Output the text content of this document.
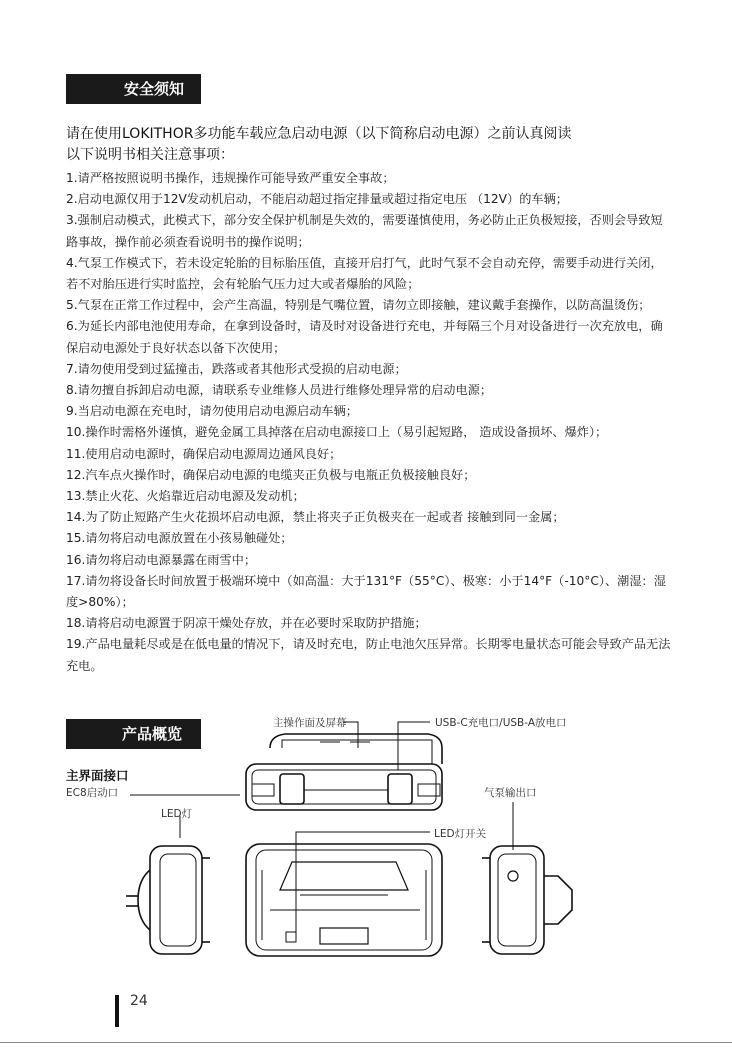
安全须知
请在使用LOKITHOR多功能车载应急启动电源（以下简称启动电源）之前认真阅读
以下说明书相关注意事项：

1.请严格按照说明书操作，违规操作可能导致严重安全事故；

2.启动电源仅用于12V发动机启动，不能启动超过指定排量或超过指定电压 （12V）的车辆；

3.强制启动模式，此模式下，部分安全保护机制是失效的，需要谨慎使用，务必防止正负极短接，否则会导致短路事故，操作前必须查看说明书的操作说明；

4.气泵工作模式下，若未设定轮胎的目标胎压值，直接开启打气，此时气泵不会自动充停，需要手动进行关闭，若不对胎压进行实时监控，会有轮胎气压力过大或者爆胎的风险；

5.气泵在正常工作过程中，会产生高温，特别是气嘴位置，请勿立即接触，建议戴手套操作，以防高温烫伤；

6.为延长内部电池使用寿命，在拿到设备时，请及时对设备进行充电，并每隔三个月对设备进行一次充放电，确保启动电源处于良好状态以备下次使用；

7.请勿使用受到过猛撞击，跌落或者其他形式受损的启动电源；

8.请勿擅自拆卸启动电源，请联系专业维修人员进行维修处理异常的启动电源；

9.当启动电源在充电时，请勿使用启动电源启动车辆；

10.操作时需格外谨慎，避免金属工具掉落在启动电源接口上（易引起短路， 造成设备损坏、爆炸）；

11.使用启动电源时，确保启动电源周边通风良好；

12.汽车点火操作时，确保启动电源的电缆夹正负极与电瓶正负极接触良好；

13.禁止火花、火焰靠近启动电源及发动机；

14.为了防止短路产生火花损坏启动电源，禁止将夹子正负极夹在一起或者 接触到同一金属；

15.请勿将启动电源放置在小孩易触碰处；

16.请勿将启动电源暴露在雨雪中；

17.请勿将设备长时间放置于极端环境中（如高温：大于131°F（55°C）、极寒：小于14°F（-10°C）、潮湿：湿度>80%）；

18.请将启动电源置于阴凉干燥处存放，并在必要时采取防护措施；

19.产品电量耗尽或是在低电量的情况下，请及时充电，防止电池欠压异常。长期零电量状态可能会导致产品无法充电。

产品概览
主操作面及屏幕	USB-C充电口/USB-A放电口
主界面接口
EC8启动口	气泵输出口
LED灯
LED灯开关
24
